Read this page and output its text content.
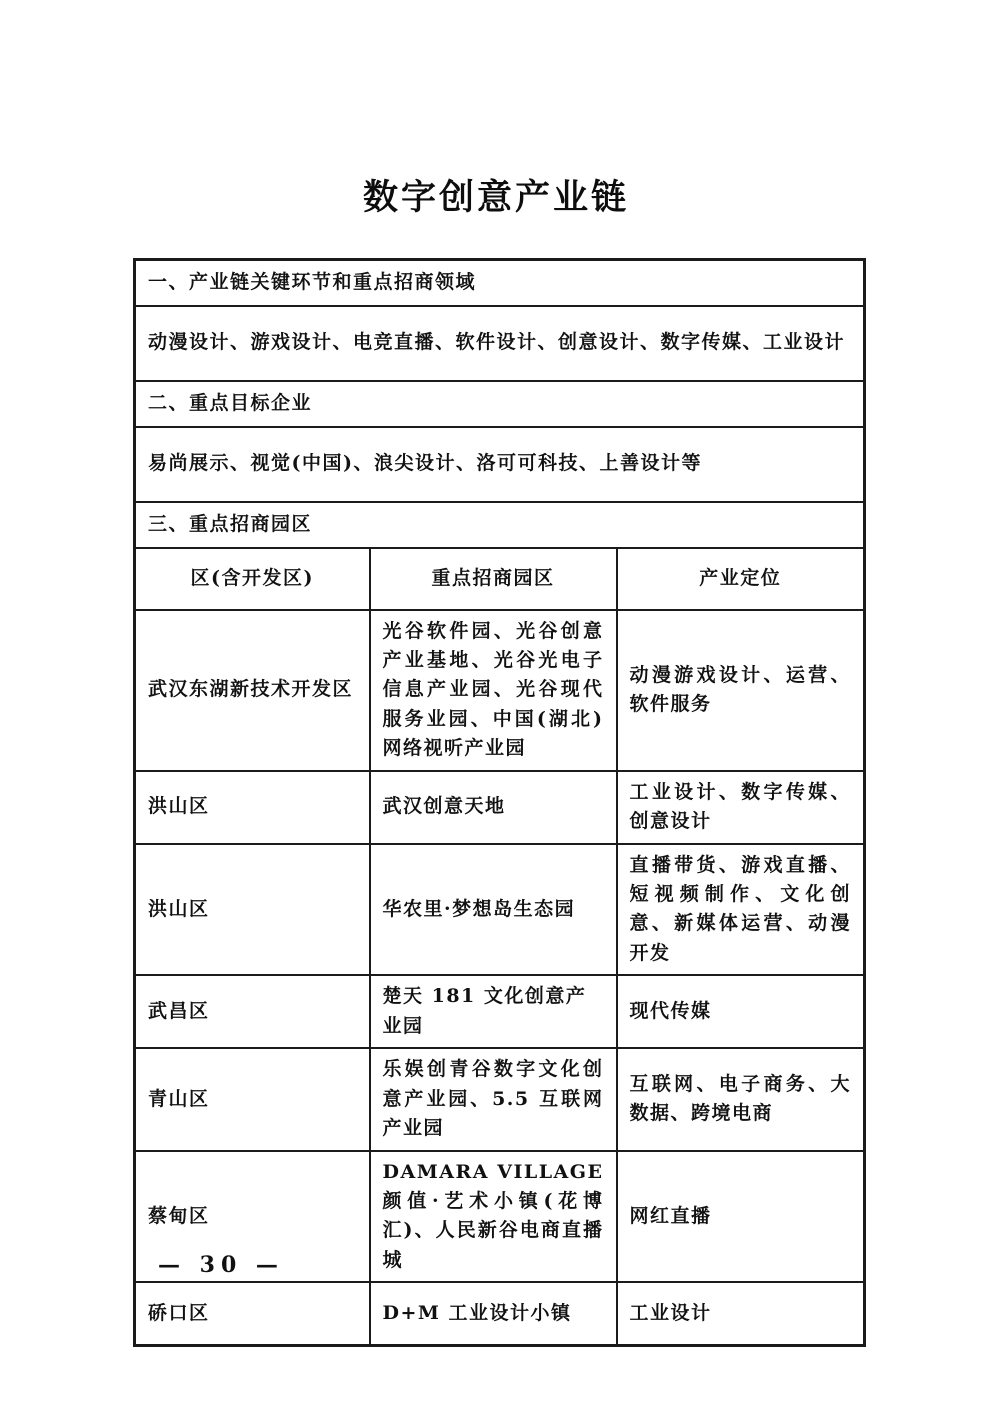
数字创意产业链
一、产业链关键环节和重点招商领域		
动漫设计、游戏设计、电竞直播、软件设计、创意设计、数字传媒、工业设计		
二、重点目标企业		
易尚展示、视觉(中国)、浪尖设计、洛可可科技、上善设计等		
三、重点招商园区		
区(含开发区)	重点招商园区	产业定位
武汉东湖新技术开发区	光谷软件园、光谷创意产业基地、光谷光电子信息产业园、光谷现代服务业园、中国(湖北)网络视听产业园	动漫游戏设计、运营、软件服务
洪山区	武汉创意天地	工业设计、数字传媒、创意设计
洪山区	华农里·梦想岛生态园	直播带货、游戏直播、短视频制作、文化创意、新媒体运营、动漫开发
武昌区	楚天 181 文化创意产业园	现代传媒
青山区	乐娱创青谷数字文化创意产业园、5.5 互联网产业园	互联网、电子商务、大数据、跨境电商
蔡甸区	DAMARA VILLAGE 颜值·艺术小镇(花博汇)、人民新谷电商直播城	网红直播
硚口区	D+M 工业设计小镇	工业设计
— 30 —
